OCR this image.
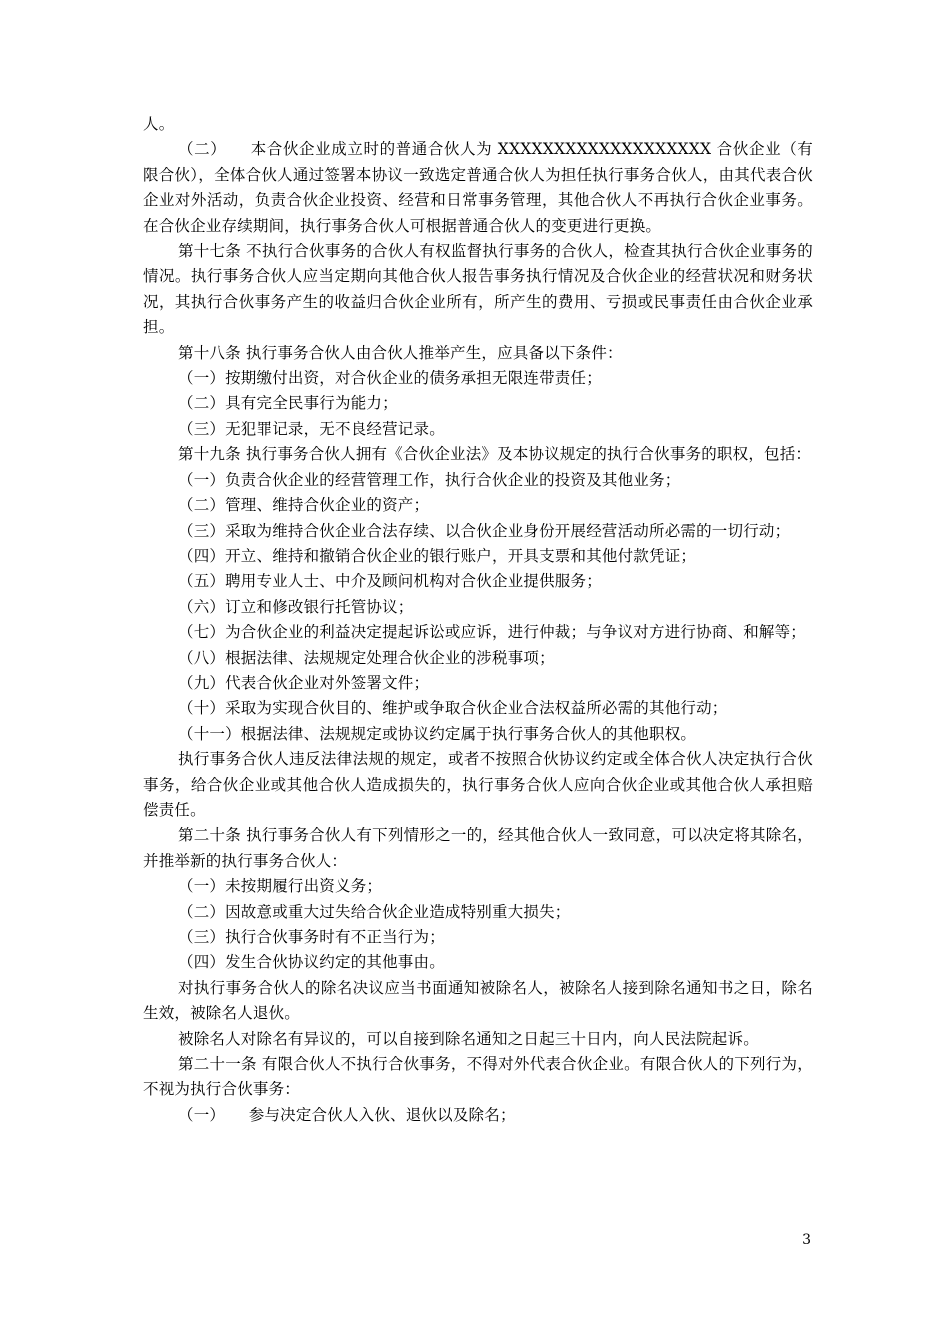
人。

（二）　　本合伙企业成立时的普通合伙人为 XXXXXXXXXXXXXXXXXXX 合伙企业（有限合伙），全体合伙人通过签署本协议一致选定普通合伙人为担任执行事务合伙人，由其代表合伙企业对外活动，负责合伙企业投资、经营和日常事务管理，其他合伙人不再执行合伙企业事务。在合伙企业存续期间，执行事务合伙人可根据普通合伙人的变更进行更换。

第十七条 不执行合伙事务的合伙人有权监督执行事务的合伙人，检查其执行合伙企业事务的情况。执行事务合伙人应当定期向其他合伙人报告事务执行情况及合伙企业的经营状况和财务状况，其执行合伙事务产生的收益归合伙企业所有，所产生的费用、亏损或民事责任由合伙企业承担。

第十八条 执行事务合伙人由合伙人推举产生，应具备以下条件：

（一）按期缴付出资，对合伙企业的债务承担无限连带责任；

（二）具有完全民事行为能力；

（三）无犯罪记录，无不良经营记录。

第十九条 执行事务合伙人拥有《合伙企业法》及本协议规定的执行合伙事务的职权，包括：

（一）负责合伙企业的经营管理工作，执行合伙企业的投资及其他业务；

（二）管理、维持合伙企业的资产；

（三）采取为维持合伙企业合法存续、以合伙企业身份开展经营活动所必需的一切行动；

（四）开立、维持和撤销合伙企业的银行账户，开具支票和其他付款凭证；

（五）聘用专业人士、中介及顾问机构对合伙企业提供服务；

（六）订立和修改银行托管协议；

（七）为合伙企业的利益决定提起诉讼或应诉，进行仲裁；与争议对方进行协商、和解等；

（八）根据法律、法规规定处理合伙企业的涉税事项；

（九）代表合伙企业对外签署文件；

（十）采取为实现合伙目的、维护或争取合伙企业合法权益所必需的其他行动；

（十一）根据法律、法规规定或协议约定属于执行事务合伙人的其他职权。

执行事务合伙人违反法律法规的规定，或者不按照合伙协议约定或全体合伙人决定执行合伙事务，给合伙企业或其他合伙人造成损失的，执行事务合伙人应向合伙企业或其他合伙人承担赔偿责任。

第二十条 执行事务合伙人有下列情形之一的，经其他合伙人一致同意，可以决定将其除名，并推举新的执行事务合伙人：

（一）未按期履行出资义务；

（二）因故意或重大过失给合伙企业造成特别重大损失；

（三）执行合伙事务时有不正当行为；

（四）发生合伙协议约定的其他事由。

对执行事务合伙人的除名决议应当书面通知被除名人，被除名人接到除名通知书之日，除名生效，被除名人退伙。

被除名人对除名有异议的，可以自接到除名通知之日起三十日内，向人民法院起诉。

第二十一条 有限合伙人不执行合伙事务，不得对外代表合伙企业。有限合伙人的下列行为，不视为执行合伙事务：

（一）　　参与决定合伙人入伙、退伙以及除名；

3
